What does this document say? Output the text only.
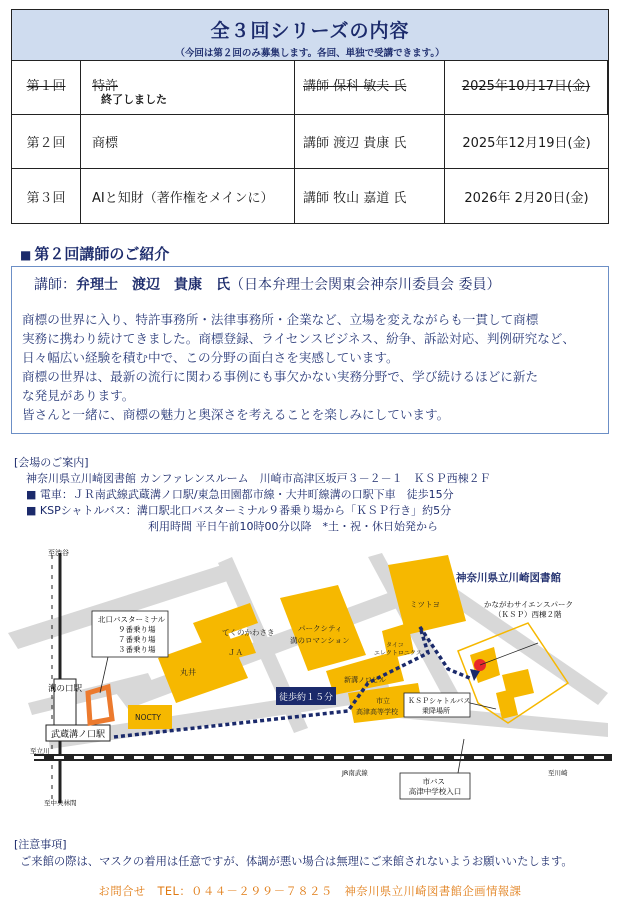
全３回シリーズの内容
（今回は第２回のみ募集します。各回、単独で受講できます。）
第１回	特許	講師 保科 敏夫 氏	2025年10月17日(金)
終了しました
第２回	商標	講師 渡辺 貴康 氏	2025年12月19日(金)
第３回	AIと知財（著作権をメインに）	講師 牧山 嘉道 氏	2026年 2月20日(金)
■ 第２回講師のご紹介
講師：弁理士　渡辺　貴康　氏（日本弁理士会関東会神奈川委員会 委員）
商標の世界に入り、特許事務所・法律事務所・企業など、立場を変えながらも一貫して商標
実務に携わり続けてきました。商標登録、ライセンスビジネス、紛争、訴訟対応、判例研究など、
日々幅広い経験を積む中で、この分野の面白さを実感しています。
商標の世界は、最新の流行に関わる事例にも事欠かない実務分野で、学び続けるほどに新た
な発見があります。
皆さんと一緒に、商標の魅力と奥深さを考えることを楽しみにしています。
[会場のご案内]
神奈川県立川崎図書館 カンファレンスルーム　川崎市高津区坂戸３－２－１　ＫＳＰ西棟２Ｆ
■ 電車：ＪＲ南武線武蔵溝ノ口駅/東急田園都市線・大井町線溝の口駅下車　徒歩15分
■ KSPシャトルバス：溝口駅北口バスターミナル９番乗り場から「ＫＳＰ行き」約5分
利用時間 平日午前10時00分以降　*土・祝・休日始発から
溝の口駅
武蔵溝ノ口駅
北口バスターミナル ９番乗り場 ７番乗り場 ３番乗り場
徒歩約１５分	ＫＳＰシャトルバス 乗降場所
市バス 高津中学校入口
丸井
NOCTY
てくのかわさき
ＪＡ
パークシティ
溝のロマンション
ミツトヨ
タイコ
エレクトロニクス
新溝ノロビル
市立
高津高等学校
神奈川県立川崎図書館
かながわサイエンスパーク
（ＫＳＰ）西棟２階
至渋谷
至立川
至中央林間
至川崎
JR南武線
[注意事項]
ご来館の際は、マスクの着用は任意ですが、体調が悪い場合は無理にご来館されないようお願いいたします。
お問合せ　TEL：０４４－２９９－７８２５　神奈川県立川崎図書館企画情報課
